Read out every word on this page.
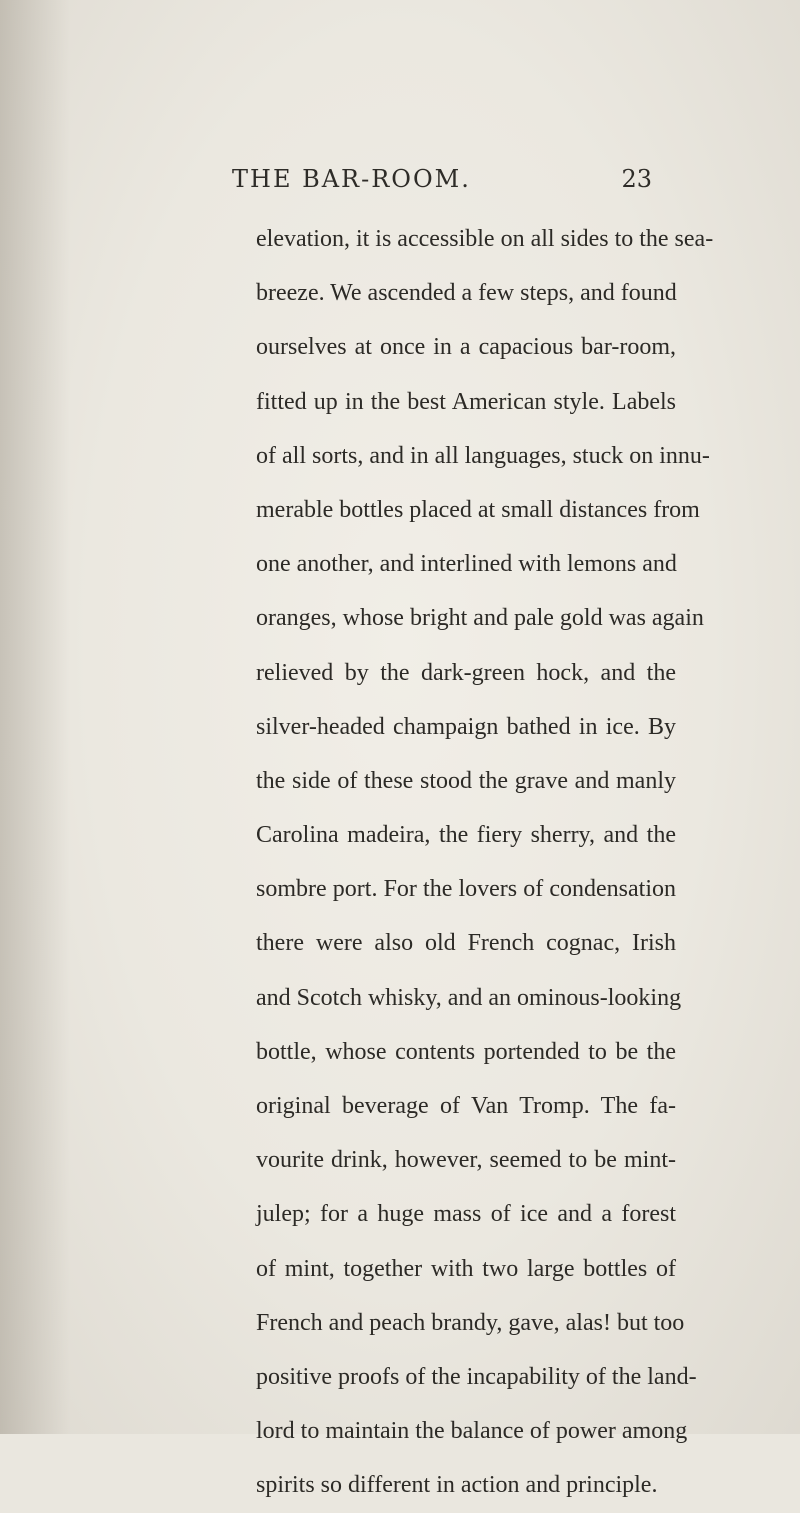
THE BAR-ROOM.	23
elevation, it is accessible on all sides to the sea-
breeze. We ascended a few steps, and found
ourselves at once in a capacious bar-room,
fitted up in the best American style. Labels
of all sorts, and in all languages, stuck on innu-
merable bottles placed at small distances from
one another, and interlined with lemons and
oranges, whose bright and pale gold was again
relieved by the dark-green hock, and the
silver-headed champaign bathed in ice. By
the side of these stood the grave and manly
Carolina madeira, the fiery sherry, and the
sombre port. For the lovers of condensation
there were also old French cognac, Irish
and Scotch whisky, and an ominous-looking
bottle, whose contents portended to be the
original beverage of Van Tromp. The fa-
vourite drink, however, seemed to be mint-
julep; for a huge mass of ice and a forest
of mint, together with two large bottles of
French and peach brandy, gave, alas! but too
positive proofs of the incapability of the land-
lord to maintain the balance of power among
spirits so different in action and principle.
